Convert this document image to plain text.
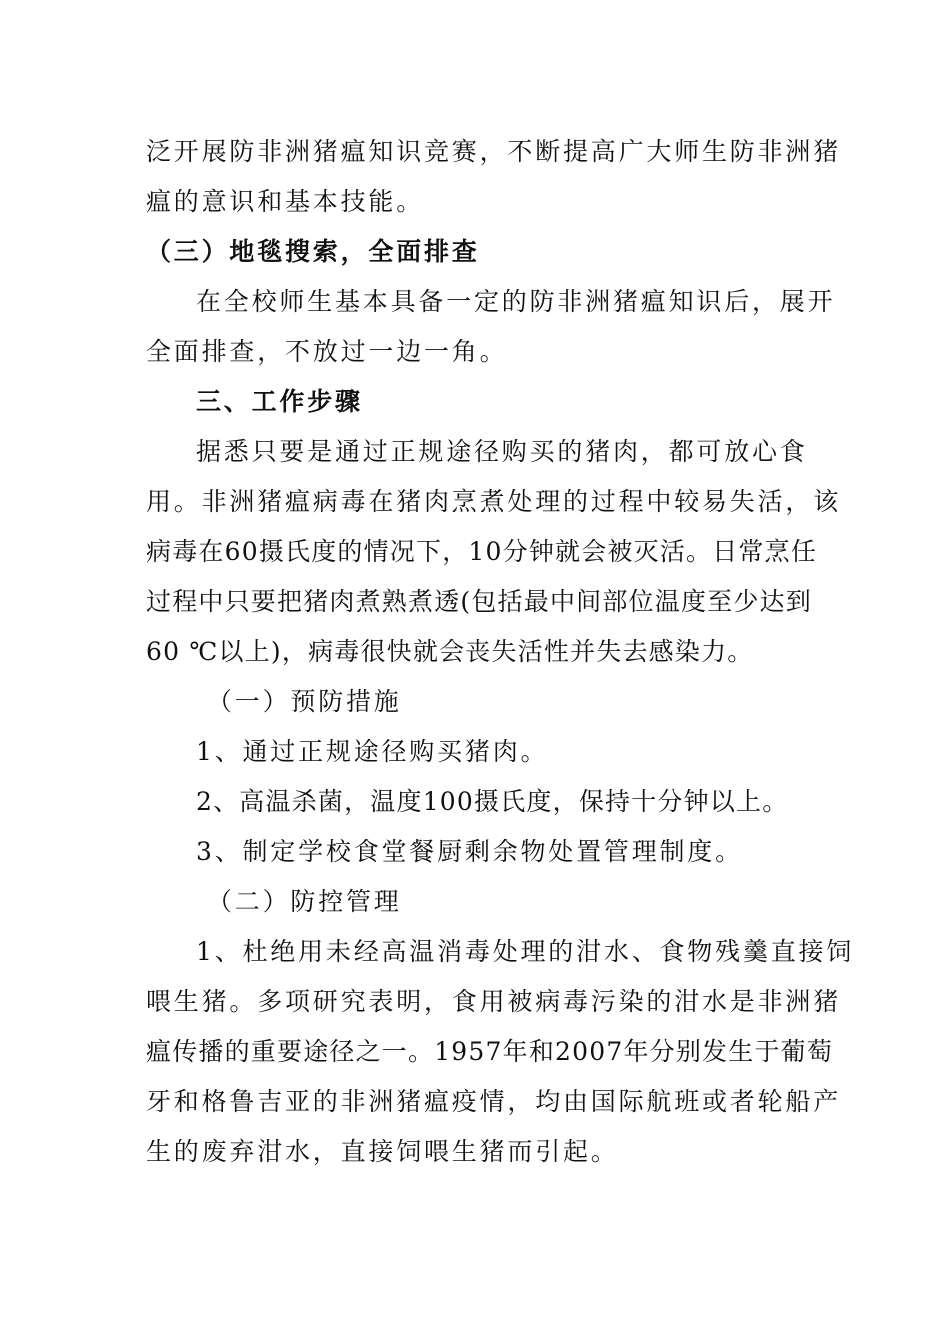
泛开展防非洲猪瘟知识竞赛，不断提高广大师生防非洲猪
瘟的意识和基本技能。
（三）地毯搜索，全面排查
在全校师生基本具备一定的防非洲猪瘟知识后，展开
全面排查，不放过一边一角。
三、工作步骤
据悉只要是通过正规途径购买的猪肉，都可放心食
用。非洲猪瘟病毒在猪肉烹煮处理的过程中较易失活，该
病毒在60摄氏度的情况下，10分钟就会被灭活。日常烹任
过程中只要把猪肉煮熟煮透(包括最中间部位温度至少达到
60 ℃以上)，病毒很快就会丧失活性并失去感染力。
（一）预防措施
1、通过正规途径购买猪肉。
2、高温杀菌，温度100摄氏度，保持十分钟以上。
3、制定学校食堂餐厨剩余物处置管理制度。
（二）防控管理
1、杜绝用未经高温消毒处理的泔水、食物残羹直接饲
喂生猪。多项研究表明，食用被病毒污染的泔水是非洲猪
瘟传播的重要途径之一。1957年和2007年分别发生于葡萄
牙和格鲁吉亚的非洲猪瘟疫情，均由国际航班或者轮船产
生的废弃泔水，直接饲喂生猪而引起。
